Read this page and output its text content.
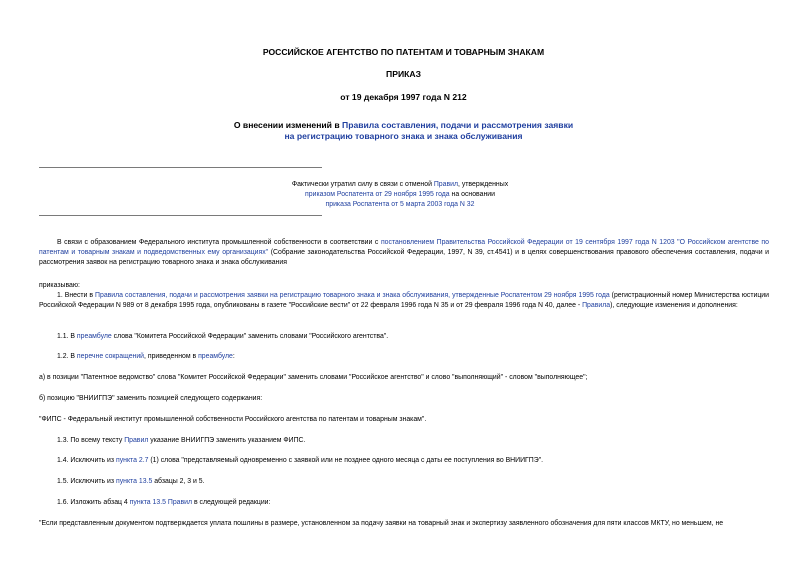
РОССИЙСКОЕ АГЕНТСТВО ПО ПАТЕНТАМ И ТОВАРНЫМ ЗНАКАМ
ПРИКАЗ
от 19 декабря 1997 года N 212
О внесении изменений в Правила составления, подачи и рассмотрения заявки на регистрацию товарного знака и знака обслуживания
Фактически утратил силу в связи с отменой Правил, утвержденных
приказом Роспатента от 29 ноября 1995 года на основании
приказа Роспатента от 5 марта 2003 года N 32
В связи с образованием Федерального института промышленной собственности в соответствии с постановлением Правительства Российской Федерации от 19 сентября 1997 года N 1203 "О Российском агентстве по патентам и товарным знакам и подведомственных ему организациях" (Собрание законодательства Российской Федерации, 1997, N 39, ст.4541) и в целях совершенствования правового обеспечения составления, подачи и рассмотрения заявок на регистрацию товарного знака и знака обслуживания
приказываю:
1. Внести в Правила составления, подачи и рассмотрения заявки на регистрацию товарного знака и знака обслуживания, утвержденные Роспатентом 29 ноября 1995 года (регистрационный номер Министерства юстиции Российской Федерации N 989 от 8 декабря 1995 года, опубликованы в газете "Российские вести" от 22 февраля 1996 года N 35 и от 29 февраля 1996 года N 40, далее - Правила), следующие изменения и дополнения:
1.1. В преамбуле слова "Комитета Российской Федерации" заменить словами "Российского агентства".
1.2. В перечне сокращений, приведенном в преамбуле:
а) в позиции "Патентное ведомство" слова "Комитет Российской Федерации" заменить словами "Российское агентство" и слово "выполняющий" - словом "выполняющее";
б) позицию "ВНИИГПЭ" заменить позицией следующего содержания:
"ФИПС - Федеральный институт промышленной собственности Российского агентства по патентам и товарным знакам".
1.3. По всему тексту Правил указание ВНИИГПЭ заменить указанием ФИПС.
1.4. Исключить из пункта 2.7 (1) слова "представляемый одновременно с заявкой или не позднее одного месяца с даты ее поступления во ВНИИГПЭ".
1.5. Исключить из пункта 13.5 абзацы 2, 3 и 5.
1.6. Изложить абзац 4 пункта 13.5 Правил в следующей редакции:
"Если представленным документом подтверждается уплата пошлины в размере, установленном за подачу заявки на товарный знак и экспертизу заявленного обозначения для пяти классов МКТУ, но меньшем, не
